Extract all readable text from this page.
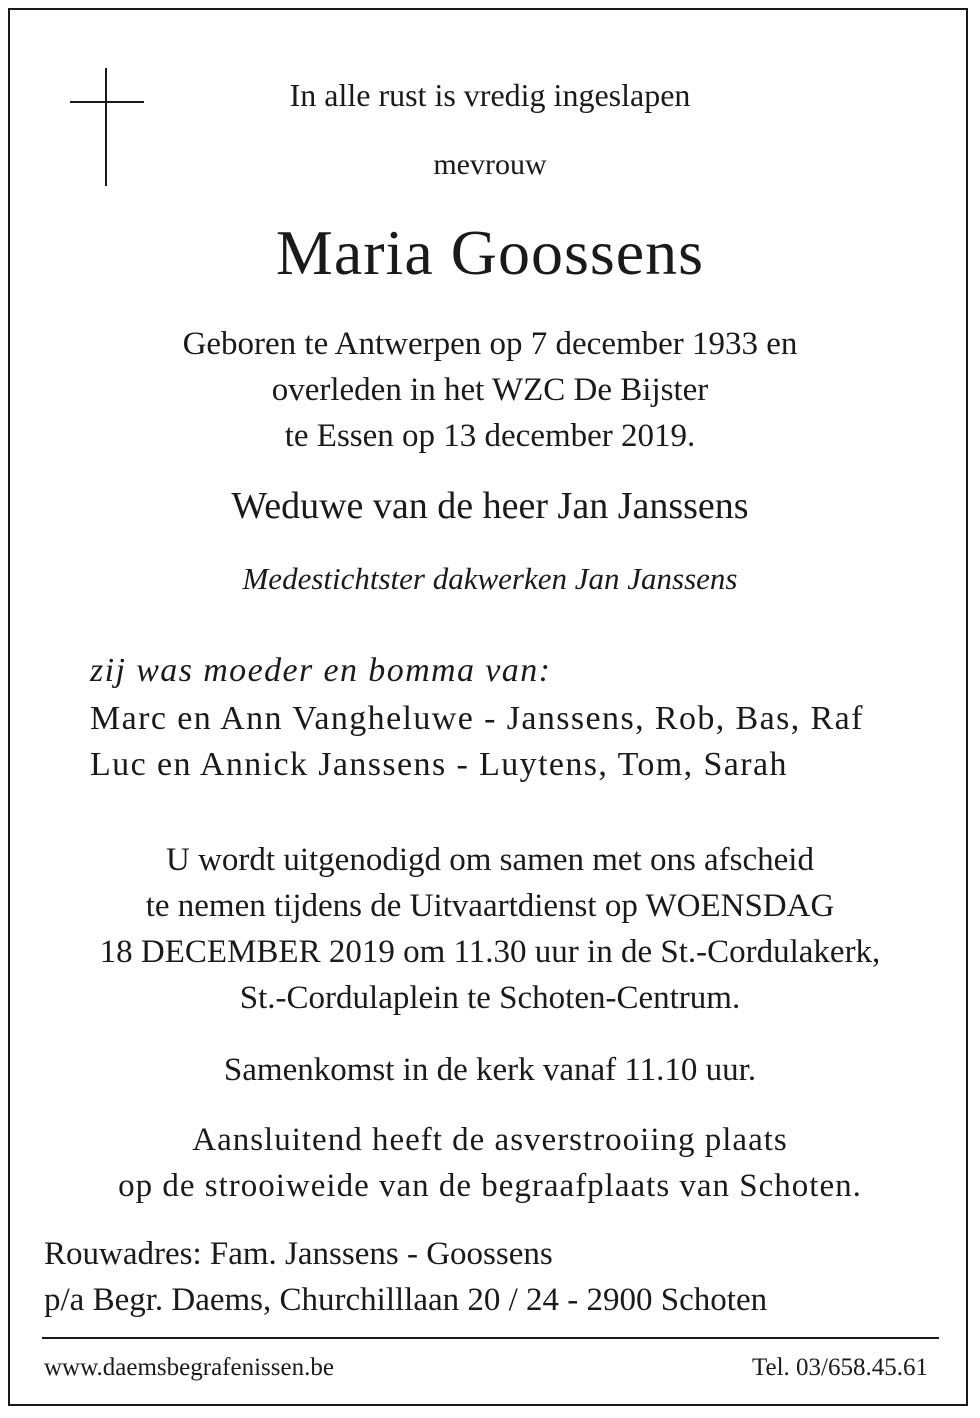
In alle rust is vredig ingeslapen
mevrouw
Maria Goossens
Geboren te Antwerpen op 7 december 1933 en
overleden in het WZC De Bijster
te Essen op 13 december 2019.
Weduwe van de heer Jan Janssens
Medestichtster dakwerken Jan Janssens
zij was moeder en bomma van:
Marc en Ann Vangheluwe - Janssens, Rob, Bas, Raf
Luc en Annick Janssens - Luytens, Tom, Sarah
U wordt uitgenodigd om samen met ons afscheid
te nemen tijdens de Uitvaartdienst op WOENSDAG
18 DECEMBER 2019 om 11.30 uur in de St.-Cordulakerk,
St.-Cordulaplein te Schoten-Centrum.
Samenkomst in de kerk vanaf 11.10 uur.
Aansluitend heeft de asverstrooiing plaats
op de strooiweide van de begraafplaats van Schoten.
Rouwadres: Fam. Janssens - Goossens
p/a Begr. Daems, Churchilllaan 20 / 24 - 2900 Schoten
www.daemsbegrafenissen.be	Tel. 03/658.45.61
